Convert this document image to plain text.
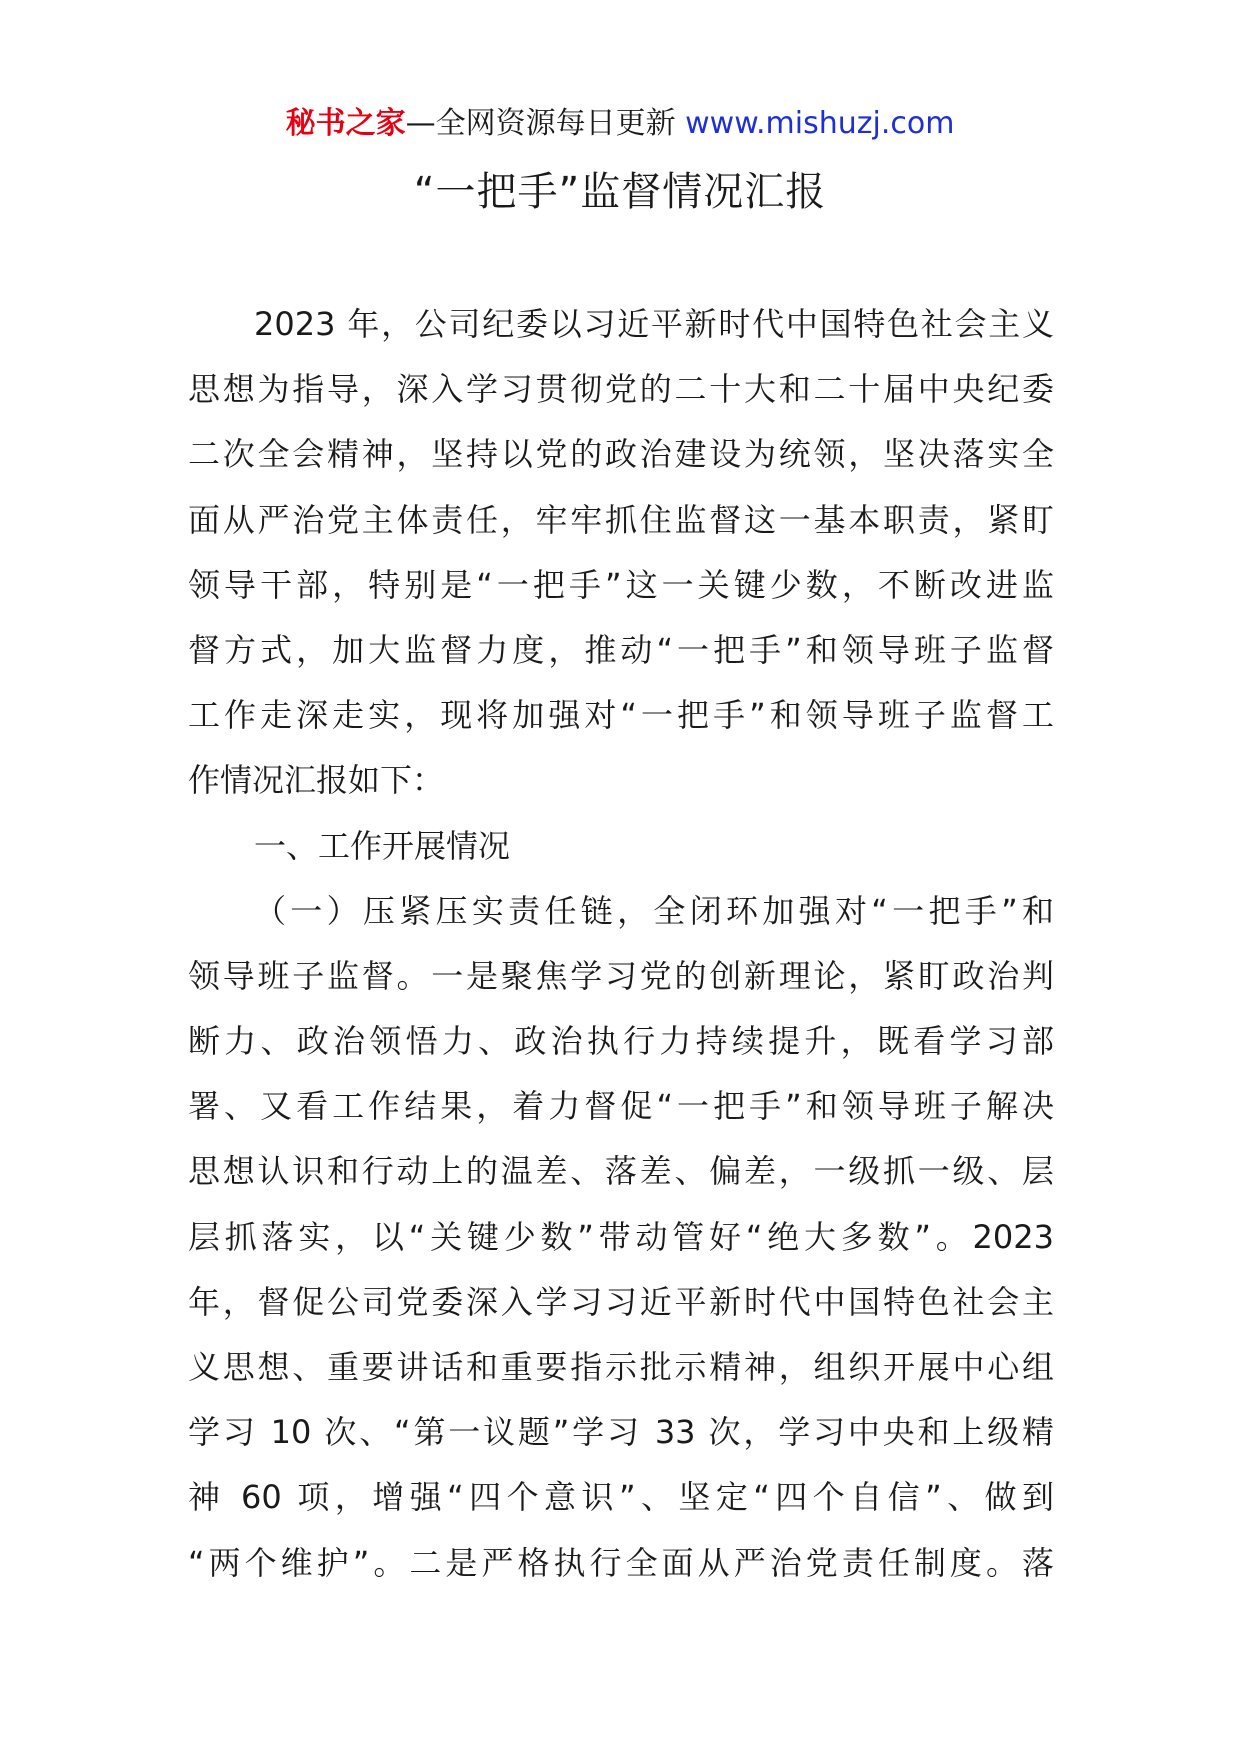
秘书之家—全网资源每日更新 www.mishuzj.com
“一把手”监督情况汇报
2023 年，公司纪委以习近平新时代中国特色社会主义
思想为指导，深入学习贯彻党的二十大和二十届中央纪委
二次全会精神，坚持以党的政治建设为统领，坚决落实全
面从严治党主体责任，牢牢抓住监督这一基本职责，紧盯
领导干部，特别是“一把手”这一关键少数，不断改进监
督方式，加大监督力度，推动“一把手”和领导班子监督
工作走深走实，现将加强对“一把手”和领导班子监督工
作情况汇报如下：
一、工作开展情况
（一）压紧压实责任链，全闭环加强对“一把手”和
领导班子监督。一是聚焦学习党的创新理论，紧盯政治判
断力、政治领悟力、政治执行力持续提升，既看学习部
署、又看工作结果，着力督促“一把手”和领导班子解决
思想认识和行动上的温差、落差、偏差，一级抓一级、层
层抓落实，以“关键少数”带动管好“绝大多数”。2023
年，督促公司党委深入学习习近平新时代中国特色社会主
义思想、重要讲话和重要指示批示精神，组织开展中心组
学习 10 次、“第一议题”学习 33 次，学习中央和上级精
神 60 项，增强“四个意识”、坚定“四个自信”、做到
“两个维护”。二是严格执行全面从严治党责任制度。落
